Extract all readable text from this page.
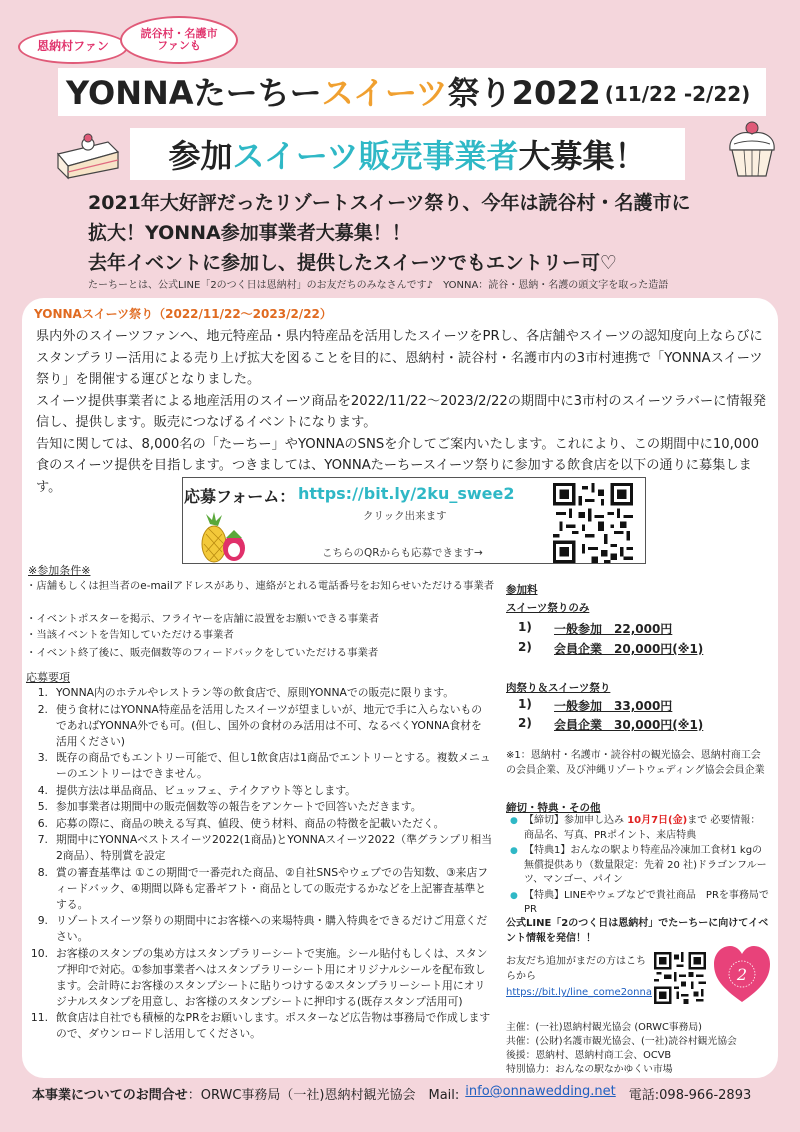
恩納村ファン
読谷村・名護市
ファンも
YONNAたーちー スイーツ 祭り2022 (11/22 -2/22)
参加 スイーツ販売事業者 大募集！
2021年大好評だったリゾートスイーツ祭り、今年は読谷村・名護市に
拡大！YONNA参加事業者大募集！！
去年イベントに参加し、提供したスイーツでもエントリー可♡
たーちーとは、公式LINE「2のつく日は恩納村」のお友だちのみなさんです♪　YONNA：読谷・恩納・名護の頭文字を取った造語
YONNAスイーツ祭り（2022/11/22～2023/2/22）

県内外のスイーツファンへ、地元特産品・県内特産品を活用したスイーツをPRし、各店舗やスイーツの認知度向上ならびにスタンプラリー活用による売り上げ拡大を図ることを目的に、恩納村・読谷村・名護市内の3市村連携で「YONNAスイーツ祭り」を開催する運びとなりました。

スイーツ提供事業者による地産活用のスイーツ商品を2022/11/22～2023/2/22の期間中に3市村のスイーツラバーに情報発信し、提供します。販売につなげるイベントになります。

告知に関しては、8,000名の「たーちー」やYONNAのSNSを介してご案内いたします。これにより、この期間中に10,000食のスイーツ提供を目指します。つきましては、YONNAたーちースイーツ祭りに参加する飲食店を以下の通りに募集します。	応募フォーム： https://bit.ly/2ku_swee2
クリック出来ます
こちらのQRからも応募できます→
※参加条件※
・店舗もしくは担当者のe-mailアドレスがあり、連絡がとれる電話番号をお知らせいただける事業者
・イベントポスターを掲示、フライヤーを店舗に設置をお願いできる事業者
・当該イベントを告知していただける事業者
・イベント終了後に、販売個数等のフィードバックをしていただける事業者
応募要項
1. YONNA内のホテルやレストラン等の飲食店で、原則YONNAでの販売に限ります。
2. 使う食材にはYONNA特産品を活用したスイーツが望ましいが、地元で手に入らないものであればYONNA外でも可。(但し、国外の食材のみ活用は不可、なるべくYONNA食材を活用ください)
3. 既存の商品でもエントリー可能で、但し1飲食店は1商品でエントリーとする。複数メニューのエントリーはできません。
4. 提供方法は単品商品、ビュッフェ、テイクアウト等とします。
5. 参加事業者は期間中の販売個数等の報告をアンケートで回答いただきます。
6. 応募の際に、商品の映える写真、値段、使う材料、商品の特徴を記載いただく。
7. 期間中にYONNAベストスイーツ2022(1商品)とYONNAスイーツ2022（準グランプリ相当2商品）、特別賞を設定
8. 賞の審査基準は ①この期間で一番売れた商品、②自社SNSやウェブでの告知数、③来店フィードバック、④期間以降も定番ギフト・商品としての販売するかなどを上記審査基準とする。
9. リゾートスイーツ祭りの期間中にお客様への来場特典・購入特典をできるだけご用意ください。
10. お客様のスタンプの集め方はスタンプラリーシートで実施。シール貼付もしくは、スタンプ押印で対応。①参加事業者へはスタンプラリーシート用にオリジナルシールを配布致します。会計時にお客様のスタンプシートに貼りつけする②スタンプラリーシート用にオリジナルスタンプを用意し、お客様のスタンプシートに押印する(既存スタンプ活用可)
11. 飲食店は自社でも積極的なPRをお願いします。ポスターなど広告物は事務局で作成しますので、ダウンロードし活用してください。
参加料
スイーツ祭りのみ
1)	一般参加　22,000円
2)	会員企業　20,000円(※1)
肉祭り＆スイーツ祭り
1)	一般参加　33,000円
2)	会員企業　30,000円(※1)
※1：恩納村・名護市・読谷村の観光協会、恩納村商工会の会員企業、及び沖縄リゾートウェディング協会会員企業
締切・特典・その他
● 【締切】参加申し込み 10月7日(金)まで 必要情報：商品名、写真、PRポイント、来店特典
● 【特典1】おんなの駅より特産品冷凍加工食材1 kgの無償提供あり（数量限定：先着 20 社)ドラゴンフルーツ、マンゴー、パイン
● 【特典】LINEやウェブなどで貴社商品　PRを事務局でPR
公式LINE「2のつく日は恩納村」でたーちーに向けてイベント情報を発信！！
お友だち追加がまだの方はこちらから
https://bit.ly/line_come2onna
2
主催：(一社)恩納村観光協会 (ORWC事務局)
共催：(公財)名護市観光協会、(一社)読谷村観光協会
後援：恩納村、恩納村商工会、OCVB
特別協力：おんなの駅なかゆくい市場
本事業についてのお問合せ ：ORWC事務局（一社)恩納村観光協会　Mail: info@onnawedding.net 　電話:098-966-2893
